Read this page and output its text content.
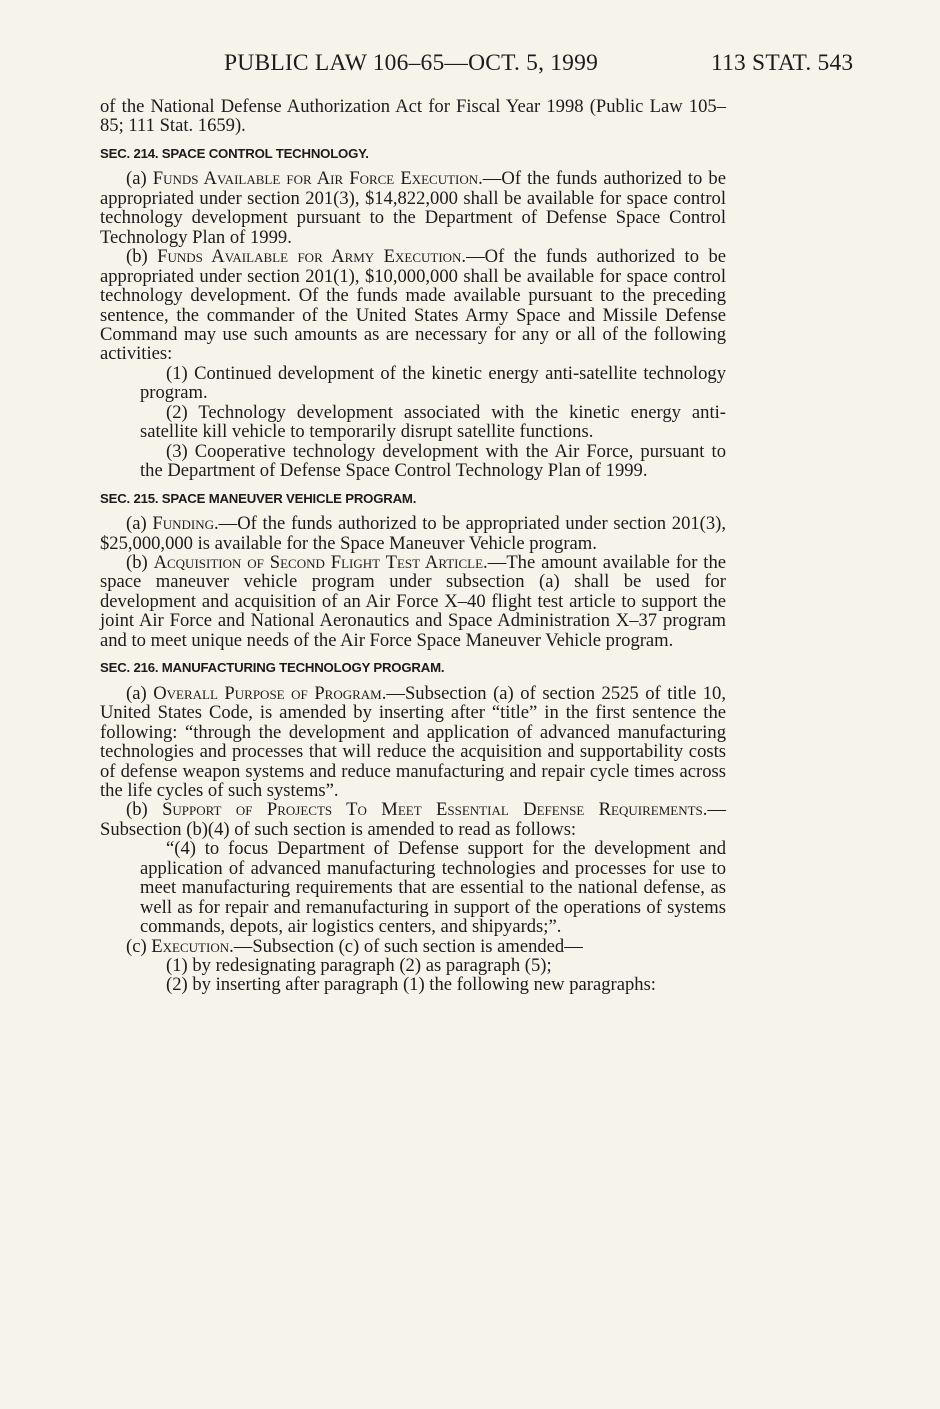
PUBLIC LAW 106–65—OCT. 5, 1999	113 STAT. 543

of the National Defense Authorization Act for Fiscal Year 1998 (Public Law 105–85; 111 Stat. 1659).

SEC. 214. SPACE CONTROL TECHNOLOGY.

(a) Funds Available for Air Force Execution.—Of the funds authorized to be appropriated under section 201(3), $14,822,000 shall be available for space control technology development pursuant to the Department of Defense Space Control Technology Plan of 1999.

(b) Funds Available for Army Execution.—Of the funds authorized to be appropriated under section 201(1), $10,000,000 shall be available for space control technology development. Of the funds made available pursuant to the preceding sentence, the commander of the United States Army Space and Missile Defense Command may use such amounts as are necessary for any or all of the following activities:

(1) Continued development of the kinetic energy anti-satellite technology program.

(2) Technology development associated with the kinetic energy anti-satellite kill vehicle to temporarily disrupt satellite functions.

(3) Cooperative technology development with the Air Force, pursuant to the Department of Defense Space Control Technology Plan of 1999.

SEC. 215. SPACE MANEUVER VEHICLE PROGRAM.

(a) Funding.—Of the funds authorized to be appropriated under section 201(3), $25,000,000 is available for the Space Maneuver Vehicle program.

(b) Acquisition of Second Flight Test Article.—The amount available for the space maneuver vehicle program under subsection (a) shall be used for development and acquisition of an Air Force X–40 flight test article to support the joint Air Force and National Aeronautics and Space Administration X–37 program and to meet unique needs of the Air Force Space Maneuver Vehicle program.

SEC. 216. MANUFACTURING TECHNOLOGY PROGRAM.

(a) Overall Purpose of Program.—Subsection (a) of section 2525 of title 10, United States Code, is amended by inserting after “title” in the first sentence the following: “through the development and application of advanced manufacturing technologies and processes that will reduce the acquisition and supportability costs of defense weapon systems and reduce manufacturing and repair cycle times across the life cycles of such systems”.

(b) Support of Projects To Meet Essential Defense Requirements.—Subsection (b)(4) of such section is amended to read as follows:

“(4) to focus Department of Defense support for the development and application of advanced manufacturing technologies and processes for use to meet manufacturing requirements that are essential to the national defense, as well as for repair and remanufacturing in support of the operations of systems commands, depots, air logistics centers, and shipyards;”.

(c) Execution.—Subsection (c) of such section is amended—

(1) by redesignating paragraph (2) as paragraph (5);

(2) by inserting after paragraph (1) the following new paragraphs:
